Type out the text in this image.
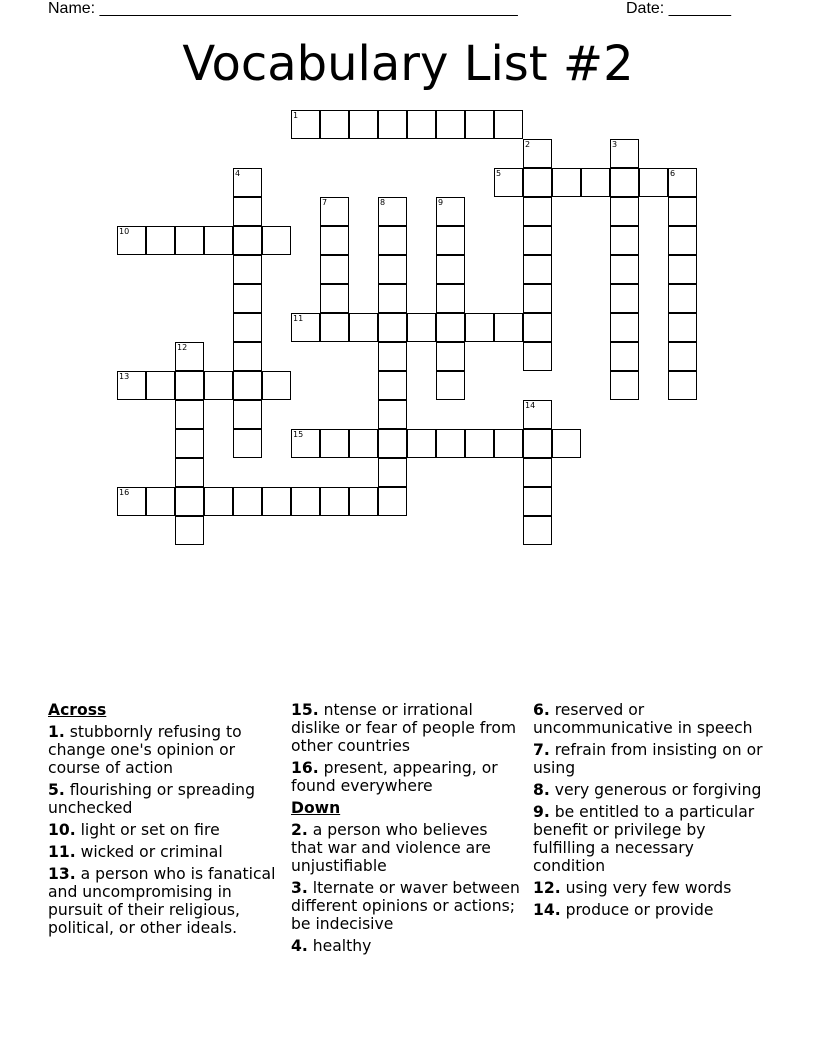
Name: _______________________________________________	Date: _______
Vocabulary List #2
1
5	6
10
11
13
15
16
2	3
4
7	8	9
12
14
Across
1. stubbornly refusing to change one's opinion or course of action
5. flourishing or spreading unchecked
10. light or set on fire
11. wicked or criminal
13. a person who is fanatical and uncompromising in pursuit of their religious, political, or other ideals.
15. ntense or irrational dislike or fear of people from other countries
16. present, appearing, or found everywhere
Down
2. a person who believes that war and violence are unjustifiable
3. lternate or waver between different opinions or actions; be indecisive
4. healthy
6. reserved or uncommunicative in speech
7. refrain from insisting on or using
8. very generous or forgiving
9. be entitled to a particular benefit or privilege by fulfilling a necessary condition
12. using very few words
14. produce or provide
